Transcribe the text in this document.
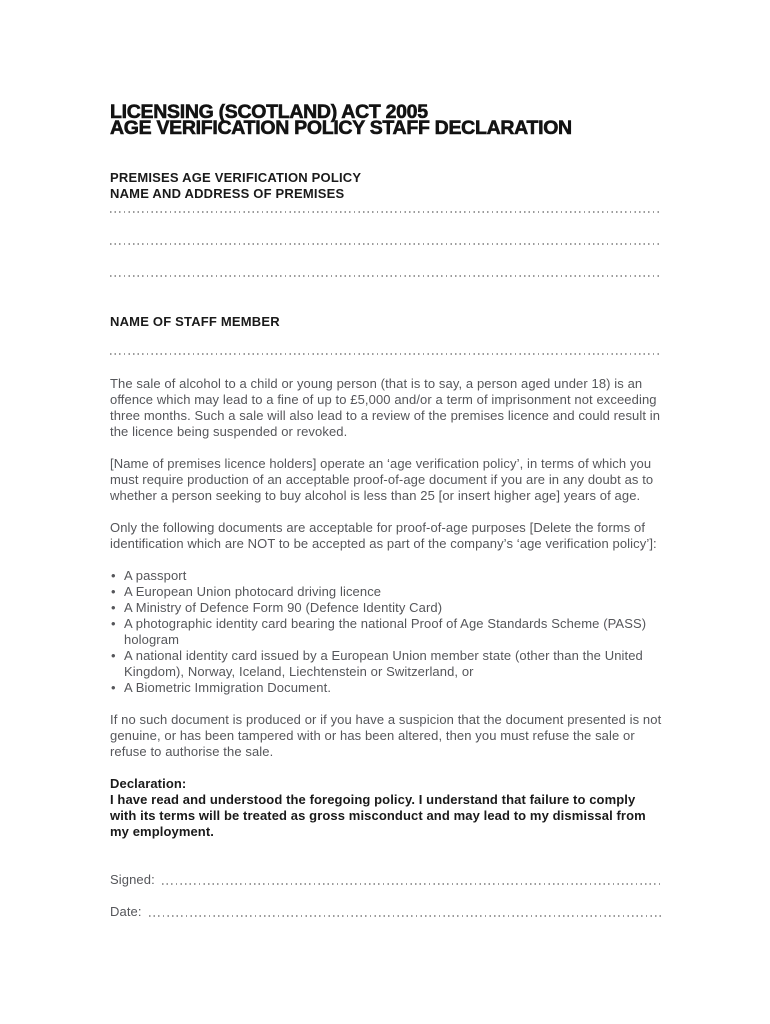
LICENSING (SCOTLAND) ACT 2005
AGE VERIFICATION POLICY STAFF DECLARATION
PREMISES AGE VERIFICATION POLICY
NAME AND ADDRESS OF PREMISES
NAME OF STAFF MEMBER

The sale of alcohol to a child or young person (that is to say, a person aged under 18) is an offence which may lead to a fine of up to £5,000 and/or a term of imprisonment not exceeding three months. Such a sale will also lead to a review of the premises licence and could result in the licence being suspended or revoked.

[Name of premises licence holders] operate an ‘age verification policy’, in terms of which you must require production of an acceptable proof-of-age document if you are in any doubt as to whether a person seeking to buy alcohol is less than 25 [or insert higher age] years of age.

Only the following documents are acceptable for proof-of-age purposes [Delete the forms of identification which are NOT to be accepted as part of the company’s ‘age verification policy’]:

• A passport
• A European Union photocard driving licence
• A Ministry of Defence Form 90 (Defence Identity Card)
• A photographic identity card bearing the national Proof of Age Standards Scheme (PASS) hologram
• A national identity card issued by a European Union member state (other than the United Kingdom), Norway, Iceland, Liechtenstein or Switzerland, or
• A Biometric Immigration Document.

If no such document is produced or if you have a suspicion that the document presented is not genuine, or has been tampered with or has been altered, then you must refuse the sale or refuse to authorise the sale.

Declaration:
I have read and understood the foregoing policy. I understand that failure to comply with its terms will be treated as gross misconduct and may lead to my dismissal from my employment.
Signed:
Date:
